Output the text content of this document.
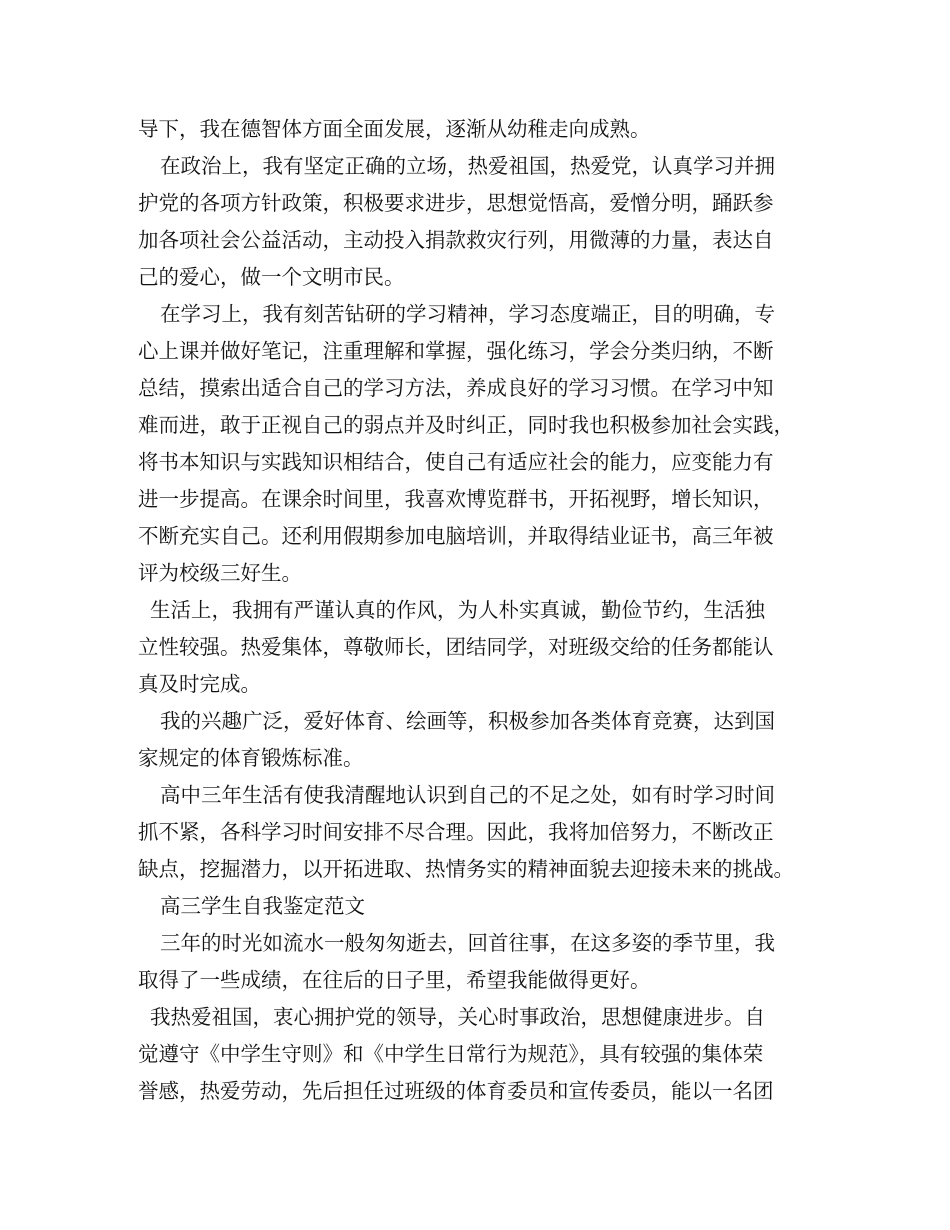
导下，我在德智体方面全面发展，逐渐从幼稚走向成熟。
在政治上，我有坚定正确的立场，热爱祖国，热爱党，认真学习并拥
护党的各项方针政策，积极要求进步，思想觉悟高，爱憎分明，踊跃参
加各项社会公益活动，主动投入捐款救灾行列，用微薄的力量，表达自
己的爱心，做一个文明市民。
在学习上，我有刻苦钻研的学习精神，学习态度端正，目的明确，专
心上课并做好笔记，注重理解和掌握，强化练习，学会分类归纳，不断
总结，摸索出适合自己的学习方法，养成良好的学习习惯。在学习中知
难而进，敢于正视自己的弱点并及时纠正，同时我也积极参加社会实践，
将书本知识与实践知识相结合，使自己有适应社会的能力，应变能力有
进一步提高。在课余时间里，我喜欢博览群书，开拓视野，增长知识，
不断充实自己。还利用假期参加电脑培训，并取得结业证书，高三年被
评为校级三好生。
生活上，我拥有严谨认真的作风，为人朴实真诚，勤俭节约，生活独
立性较强。热爱集体，尊敬师长，团结同学，对班级交给的任务都能认
真及时完成。
我的兴趣广泛，爱好体育、绘画等，积极参加各类体育竞赛，达到国
家规定的体育锻炼标准。
高中三年生活有使我清醒地认识到自己的不足之处，如有时学习时间
抓不紧，各科学习时间安排不尽合理。因此，我将加倍努力，不断改正
缺点，挖掘潜力，以开拓进取、热情务实的精神面貌去迎接未来的挑战。
高三学生自我鉴定范文
三年的时光如流水一般匆匆逝去，回首往事，在这多姿的季节里，我
取得了一些成绩，在往后的日子里，希望我能做得更好。
我热爱祖国，衷心拥护党的领导，关心时事政治，思想健康进步。自
觉遵守《中学生守则》和《中学生日常行为规范》，具有较强的集体荣
誉感，热爱劳动，先后担任过班级的体育委员和宣传委员，能以一名团
